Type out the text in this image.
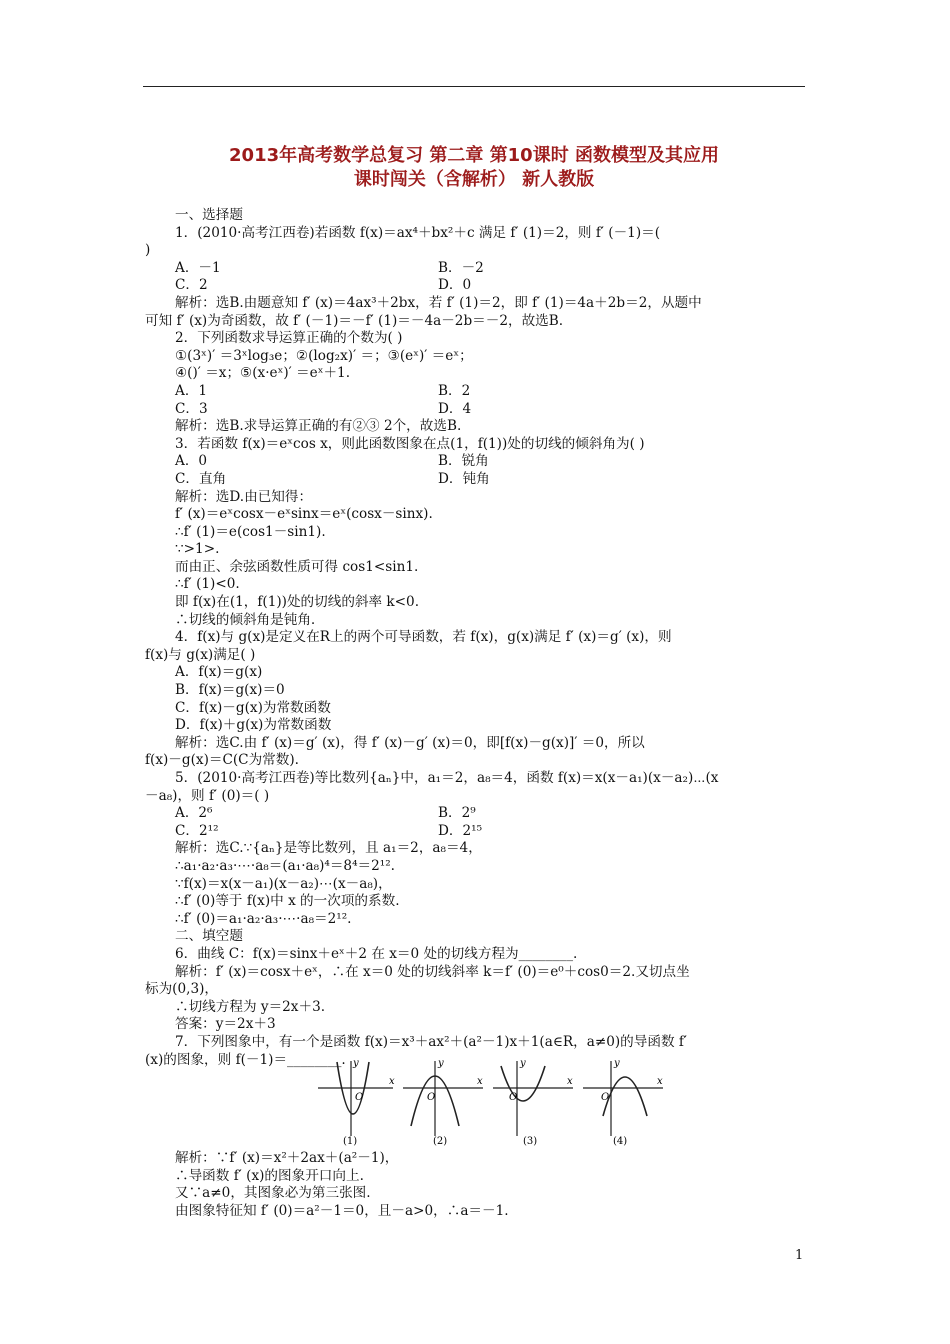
2013年高考数学总复习 第二章 第10课时 函数模型及其应用
课时闯关（含解析） 新人教版
一、选择题
1．(2010·高考江西卷)若函数 f(x)＝ax⁴＋bx²＋c 满足 f′ (1)＝2，则 f′ (－1)＝(
)
A．－1	B．－2
C．2	D．0
解析：选B.由题意知 f′ (x)＝4ax³＋2bx，若 f′ (1)＝2，即 f′ (1)＝4a＋2b＝2，从题中
可知 f′ (x)为奇函数，故 f′ (－1)＝－f′ (1)＝－4a－2b＝－2，故选B.
2．下列函数求导运算正确的个数为( )
①(3ˣ)′ ＝3ˣlog₃e；②(log₂x)′ ＝；③(eˣ)′ ＝eˣ；
④()′ ＝x；⑤(x·eˣ)′ ＝eˣ＋1.
A．1	B．2
C．3	D．4
解析：选B.求导运算正确的有②③ 2个，故选B.
3．若函数 f(x)＝eˣcos x，则此函数图象在点(1，f(1))处的切线的倾斜角为( )
A．0	B．锐角
C．直角	D．钝角
解析：选D.由已知得：
f′ (x)＝eˣcosx－eˣsinx＝eˣ(cosx－sinx).
∴f′ (1)＝e(cos1－sin1).
∵>1>.
而由正、余弦函数性质可得 cos1<sin1.
∴f′ (1)<0.
即 f(x)在(1，f(1))处的切线的斜率 k<0.
∴切线的倾斜角是钝角.
4．f(x)与 g(x)是定义在R上的两个可导函数，若 f(x)，g(x)满足 f′ (x)＝g′ (x)，则
f(x)与 g(x)满足( )
A．f(x)＝g(x)
B．f(x)＝g(x)＝0
C．f(x)－g(x)为常数函数
D．f(x)＋g(x)为常数函数
解析：选C.由 f′ (x)＝g′ (x)，得 f′ (x)－g′ (x)＝0，即[f(x)－g(x)]′ ＝0，所以
f(x)－g(x)＝C(C为常数).
5．(2010·高考江西卷)等比数列{aₙ}中，a₁＝2，a₈＝4，函数 f(x)＝x(x－a₁)(x－a₂)⋯(x
－a₈)，则 f′ (0)＝( )
A．2⁶	B．2⁹
C．2¹²	D．2¹⁵
解析：选C.∵{aₙ}是等比数列，且 a₁＝2，a₈＝4，
∴a₁·a₂·a₃·⋯·a₈＝(a₁·a₈)⁴＝8⁴＝2¹².
∵f(x)＝x(x－a₁)(x－a₂)⋯(x－a₈)，
∴f′ (0)等于 f(x)中 x 的一次项的系数.
∴f′ (0)＝a₁·a₂·a₃·⋯·a₈＝2¹².
二、填空题
6．曲线 C：f(x)＝sinx＋eˣ＋2 在 x＝0 处的切线方程为________.
解析：f′ (x)＝cosx＋eˣ，∴在 x＝0 处的切线斜率 k＝f′ (0)＝e⁰＋cos0＝2.又切点坐
标为(0,3)，
∴切线方程为 y＝2x＋3.
答案：y＝2x＋3
7．下列图象中，有一个是函数 f(x)＝x³＋ax²＋(a²－1)x＋1(a∈R，a≠0)的导函数 f′
(x)的图象，则 f(－1)＝________.
O
x
y
(1)
O
x
y
(2)
O
x
y
(3)
O
x
y
(4)
解析：∵f′ (x)＝x²＋2ax＋(a²－1)，
∴导函数 f′ (x)的图象开口向上.
又∵a≠0，其图象必为第三张图.
由图象特征知 f′ (0)＝a²－1＝0，且－a>0，∴a＝－1.
1
